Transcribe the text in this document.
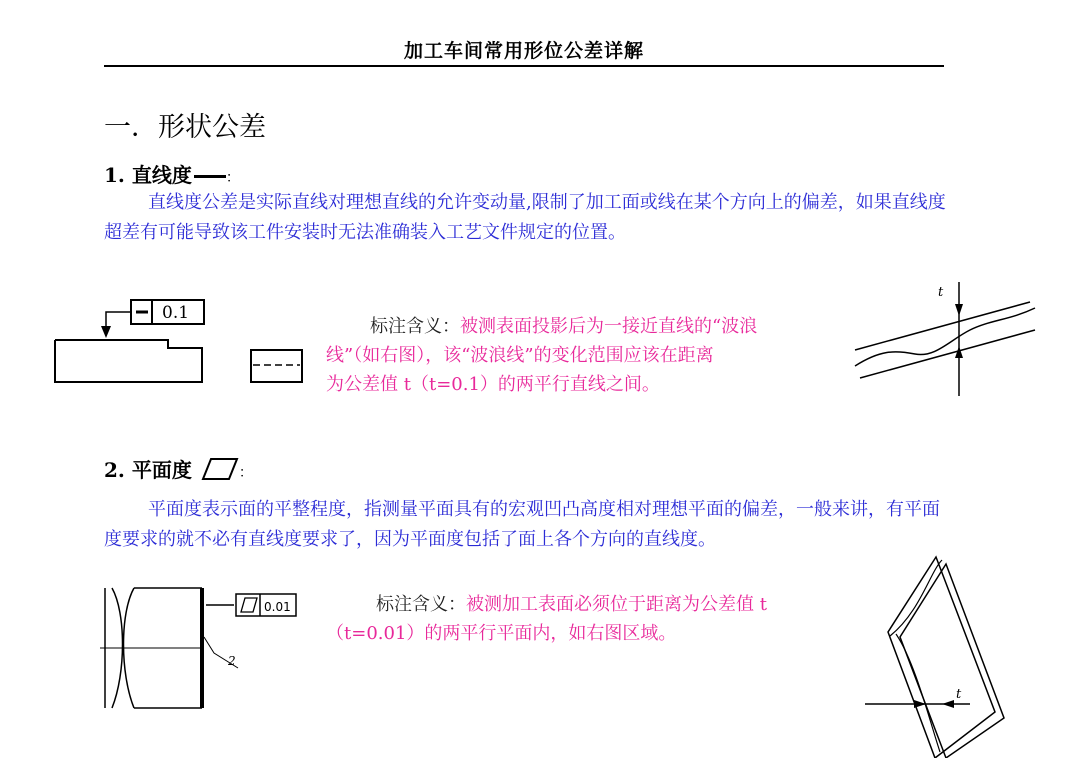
加工车间常用形位公差详解
一．形状公差
1. 直线度 ：
直线度公差是实际直线对理想直线的允许变动量,限制了加工面或线在某个方向上的偏差，如果直线度超差有可能导致该工件安装时无法准确装入工艺文件规定的位置。
0.1
标注含义：被测表面投影后为一接近直线的“波浪
线”（如右图），该“波浪线”的变化范围应该在距离
为公差值 t（t=0.1）的两平行直线之间。
t
2. 平面度	：
平面度表示面的平整程度，指测量平面具有的宏观凹凸高度相对理想平面的偏差，一般来讲，有平面度要求的就不必有直线度要求了，因为平面度包括了面上各个方向的直线度。
0.01
2
标注含义：被测加工表面必须位于距离为公差值 t
（t=0.01）的两平行平面内，如右图区域。
t
